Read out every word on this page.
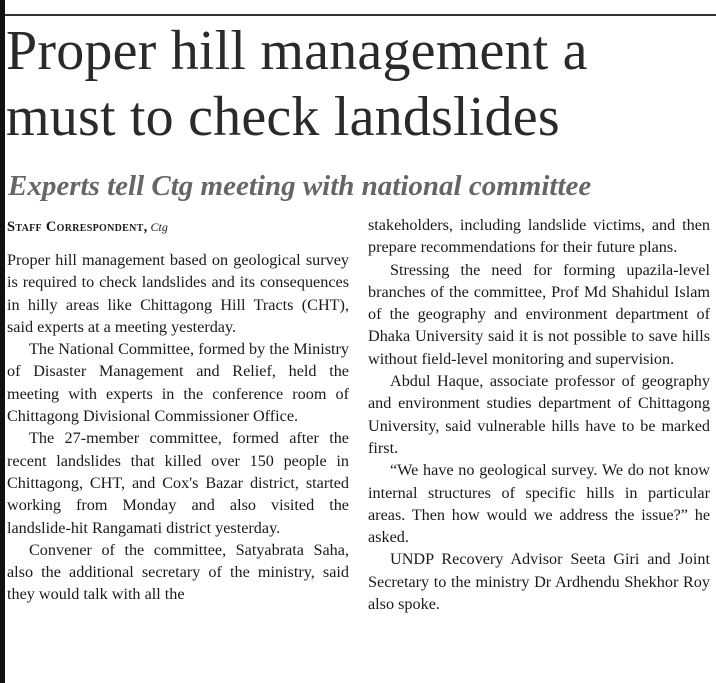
Proper hill management a
must to check landslides
Experts tell Ctg meeting with national committee
Staff Correspondent, Ctg

Proper hill management based on geological survey is required to check landslides and its consequences in hilly areas like Chittagong Hill Tracts (CHT), said experts at a meeting yesterday.

The National Committee, formed by the Ministry of Disaster Management and Relief, held the meeting with experts in the conference room of Chittagong Divisional Commissioner Office.

The 27-member committee, formed after the recent landslides that killed over 150 people in Chittagong, CHT, and Cox's Bazar district, started working from Monday and also visited the landslide-hit Rangamati district yesterday.

Convener of the committee, Satyabrata Saha, also the additional secretary of the ministry, said they would talk with all the

stakeholders, including landslide victims, and then prepare recommendations for their future plans.

Stressing the need for forming upazila-level branches of the committee, Prof Md Shahidul Islam of the geography and environment department of Dhaka University said it is not possible to save hills without field-level monitoring and supervision.

Abdul Haque, associate professor of geography and environment studies department of Chittagong University, said vulnerable hills have to be marked first.

“We have no geological survey. We do not know internal structures of specific hills in particular areas. Then how would we address the issue?” he asked.

UNDP Recovery Advisor Seeta Giri and Joint Secretary to the ministry Dr Ardhendu Shekhor Roy also spoke.
